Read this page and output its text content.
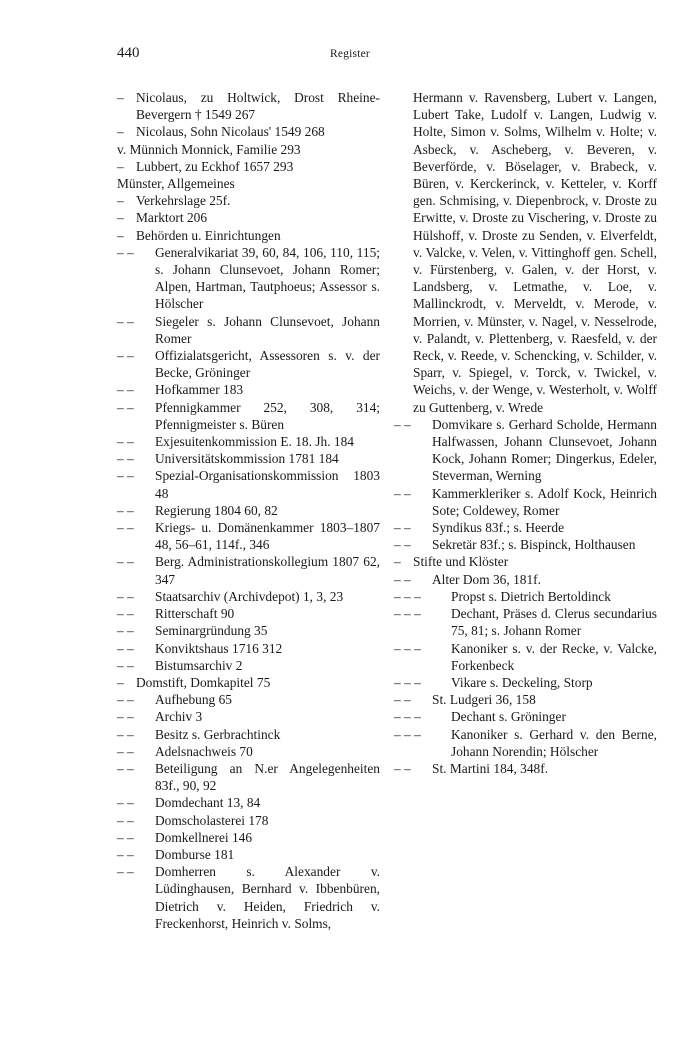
440	Register
– Nicolaus, zu Holtwick, Drost Rheine-Bevergern † 1549 267
– Nicolaus, Sohn Nicolaus' 1549 268
v. Münnich Monnick, Familie 293
– Lubbert, zu Eckhof 1657 293
Münster, Allgemeines
– Verkehrslage 25f.
– Marktort 206
– Behörden u. Einrichtungen
– – Generalvikariat 39, 60, 84, 106, 110, 115; s. Johann Clunsevoet, Johann Romer; Alpen, Hartman, Tautphoeus; Assessor s. Hölscher
– – Siegeler s. Johann Clunsevoet, Johann Romer
– – Offizialatsgericht, Assessoren s. v. der Becke, Gröninger
– – Hofkammer 183
– – Pfennigkammer 252, 308, 314; Pfennigmeister s. Büren
– – Exjesuitenkommission E. 18. Jh. 184
– – Universitätskommission 1781 184
– – Spezial-Organisationskommission 1803 48
– – Regierung 1804 60, 82
– – Kriegs- u. Domänenkammer 1803–1807 48, 56–61, 114f., 346
– – Berg. Administrationskollegium 1807 62, 347
– – Staatsarchiv (Archivdepot) 1, 3, 23
– – Ritterschaft 90
– – Seminargründung 35
– – Konviktshaus 1716 312
– – Bistumsarchiv 2
– Domstift, Domkapitel 75
– – Aufhebung 65
– – Archiv 3
– – Besitz s. Gerbrachtinck
– – Adelsnachweis 70
– – Beteiligung an N.er Angelegenheiten 83f., 90, 92
– – Domdechant 13, 84
– – Domscholasterei 178
– – Domkellnerei 146
– – Domburse 181
– – Domherren s. Alexander v. Lüdinghausen, Bernhard v. Ibbenbüren, Dietrich v. Heiden, Friedrich v. Freckenhorst, Heinrich v. Solms,
Hermann v. Ravensberg, Lubert v. Langen, Lubert Take, Ludolf v. Langen, Ludwig v. Holte, Simon v. Solms, Wilhelm v. Holte; v. Asbeck, v. Ascheberg, v. Beveren, v. Beverförde, v. Böselager, v. Brabeck, v. Büren, v. Kerckerinck, v. Ketteler, v. Korff gen. Schmising, v. Diepenbrock, v. Droste zu Erwitte, v. Droste zu Vischering, v. Droste zu Hülshoff, v. Droste zu Senden, v. Elverfeldt, v. Valcke, v. Velen, v. Vittinghoff gen. Schell, v. Fürstenberg, v. Galen, v. der Horst, v. Landsberg, v. Letmathe, v. Loe, v. Mallinckrodt, v. Merveldt, v. Merode, v. Morrien, v. Münster, v. Nagel, v. Nesselrode, v. Palandt, v. Plettenberg, v. Raesfeld, v. der Reck, v. Reede, v. Schencking, v. Schilder, v. Sparr, v. Spiegel, v. Torck, v. Twickel, v. Weichs, v. der Wenge, v. Westerholt, v. Wolff zu Guttenberg, v. Wrede
– – Domvikare s. Gerhard Scholde, Hermann Halfwassen, Johann Clunsevoet, Johann Kock, Johann Romer; Dingerkus, Edeler, Steverman, Werning
– – Kammerkleriker s. Adolf Kock, Heinrich Sote; Coldewey, Romer
– – Syndikus 83f.; s. Heerde
– – Sekretär 83f.; s. Bispinck, Holthausen
– Stifte und Klöster
– – Alter Dom 36, 181f.
– – – Propst s. Dietrich Bertoldinck
– – – Dechant, Präses d. Clerus secundarius 75, 81; s. Johann Romer
– – – Kanoniker s. v. der Recke, v. Valcke, Forkenbeck
– – – Vikare s. Deckeling, Storp
– – St. Ludgeri 36, 158
– – – Dechant s. Gröninger
– – – Kanoniker s. Gerhard v. den Berne, Johann Norendin; Hölscher
– – St. Martini 184, 348f.
